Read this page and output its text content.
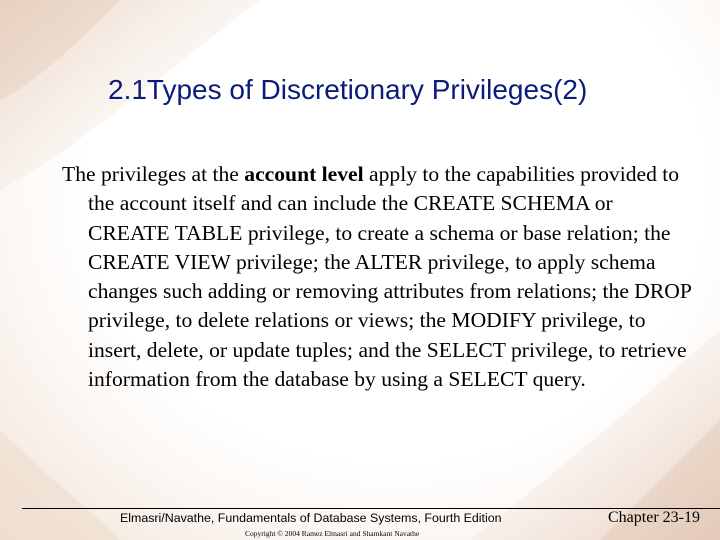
2.1Types of Discretionary Privileges(2)
The privileges at the account level apply to the capabilities provided to the account itself and can include the CREATE SCHEMA or CREATE TABLE privilege, to create a schema or base relation; the CREATE VIEW privilege; the ALTER privilege, to apply schema changes such adding or removing attributes from relations; the DROP privilege, to delete relations or views; the MODIFY privilege, to insert, delete, or update tuples; and the SELECT privilege, to retrieve information from the database by using a SELECT query.
Elmasri/Navathe, Fundamentals of Database Systems, Fourth Edition	Chapter 23-19
Copyright © 2004 Ramez Elmasri and Shamkant Navathe
